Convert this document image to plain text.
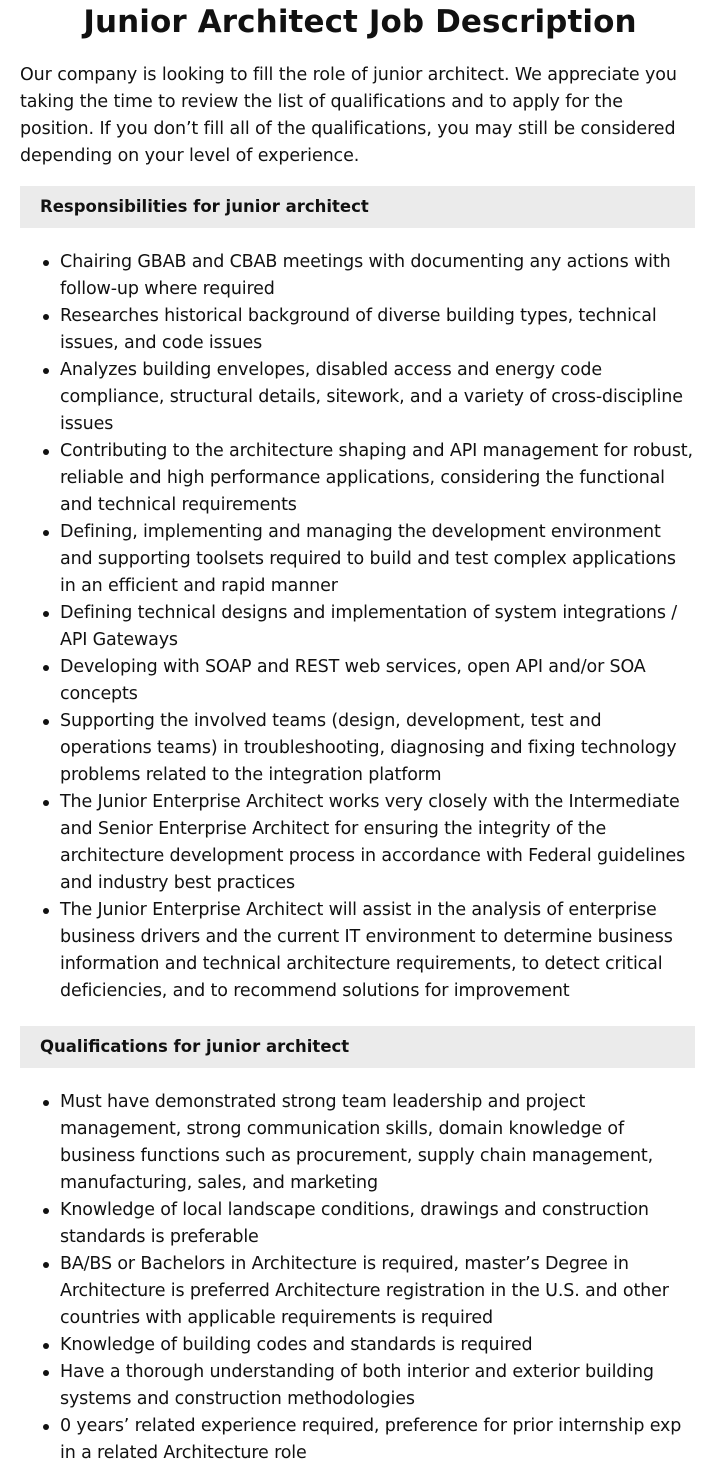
Junior Architect Job Description

Our company is looking to fill the role of junior architect. We appreciate you taking the time to review the list of qualifications and to apply for the position. If you don’t fill all of the qualifications, you may still be considered depending on your level of experience.

Responsibilities for junior architect
Chairing GBAB and CBAB meetings with documenting any actions with follow-up where required
Researches historical background of diverse building types, technical issues, and code issues
Analyzes building envelopes, disabled access and energy code compliance, structural details, sitework, and a variety of cross-discipline issues
Contributing to the architecture shaping and API management for robust, reliable and high performance applications, considering the functional and technical requirements
Defining, implementing and managing the development environment and supporting toolsets required to build and test complex applications in an efficient and rapid manner
Defining technical designs and implementation of system integrations / API Gateways
Developing with SOAP and REST web services, open API and/or SOA concepts
Supporting the involved teams (design, development, test and operations teams) in troubleshooting, diagnosing and fixing technology problems related to the integration platform
The Junior Enterprise Architect works very closely with the Intermediate and Senior Enterprise Architect for ensuring the integrity of the architecture development process in accordance with Federal guidelines and industry best practices
The Junior Enterprise Architect will assist in the analysis of enterprise business drivers and the current IT environment to determine business information and technical architecture requirements, to detect critical deficiencies, and to recommend solutions for improvement
Qualifications for junior architect
Must have demonstrated strong team leadership and project management, strong communication skills, domain knowledge of business functions such as procurement, supply chain management, manufacturing, sales, and marketing
Knowledge of local landscape conditions, drawings and construction standards is preferable
BA/BS or Bachelors in Architecture is required, master’s Degree in Architecture is preferred Architecture registration in the U.S. and other countries with applicable requirements is required
Knowledge of building codes and standards is required
Have a thorough understanding of both interior and exterior building systems and construction methodologies
0 years’ related experience required, preference for prior internship exp in a related Architecture role
